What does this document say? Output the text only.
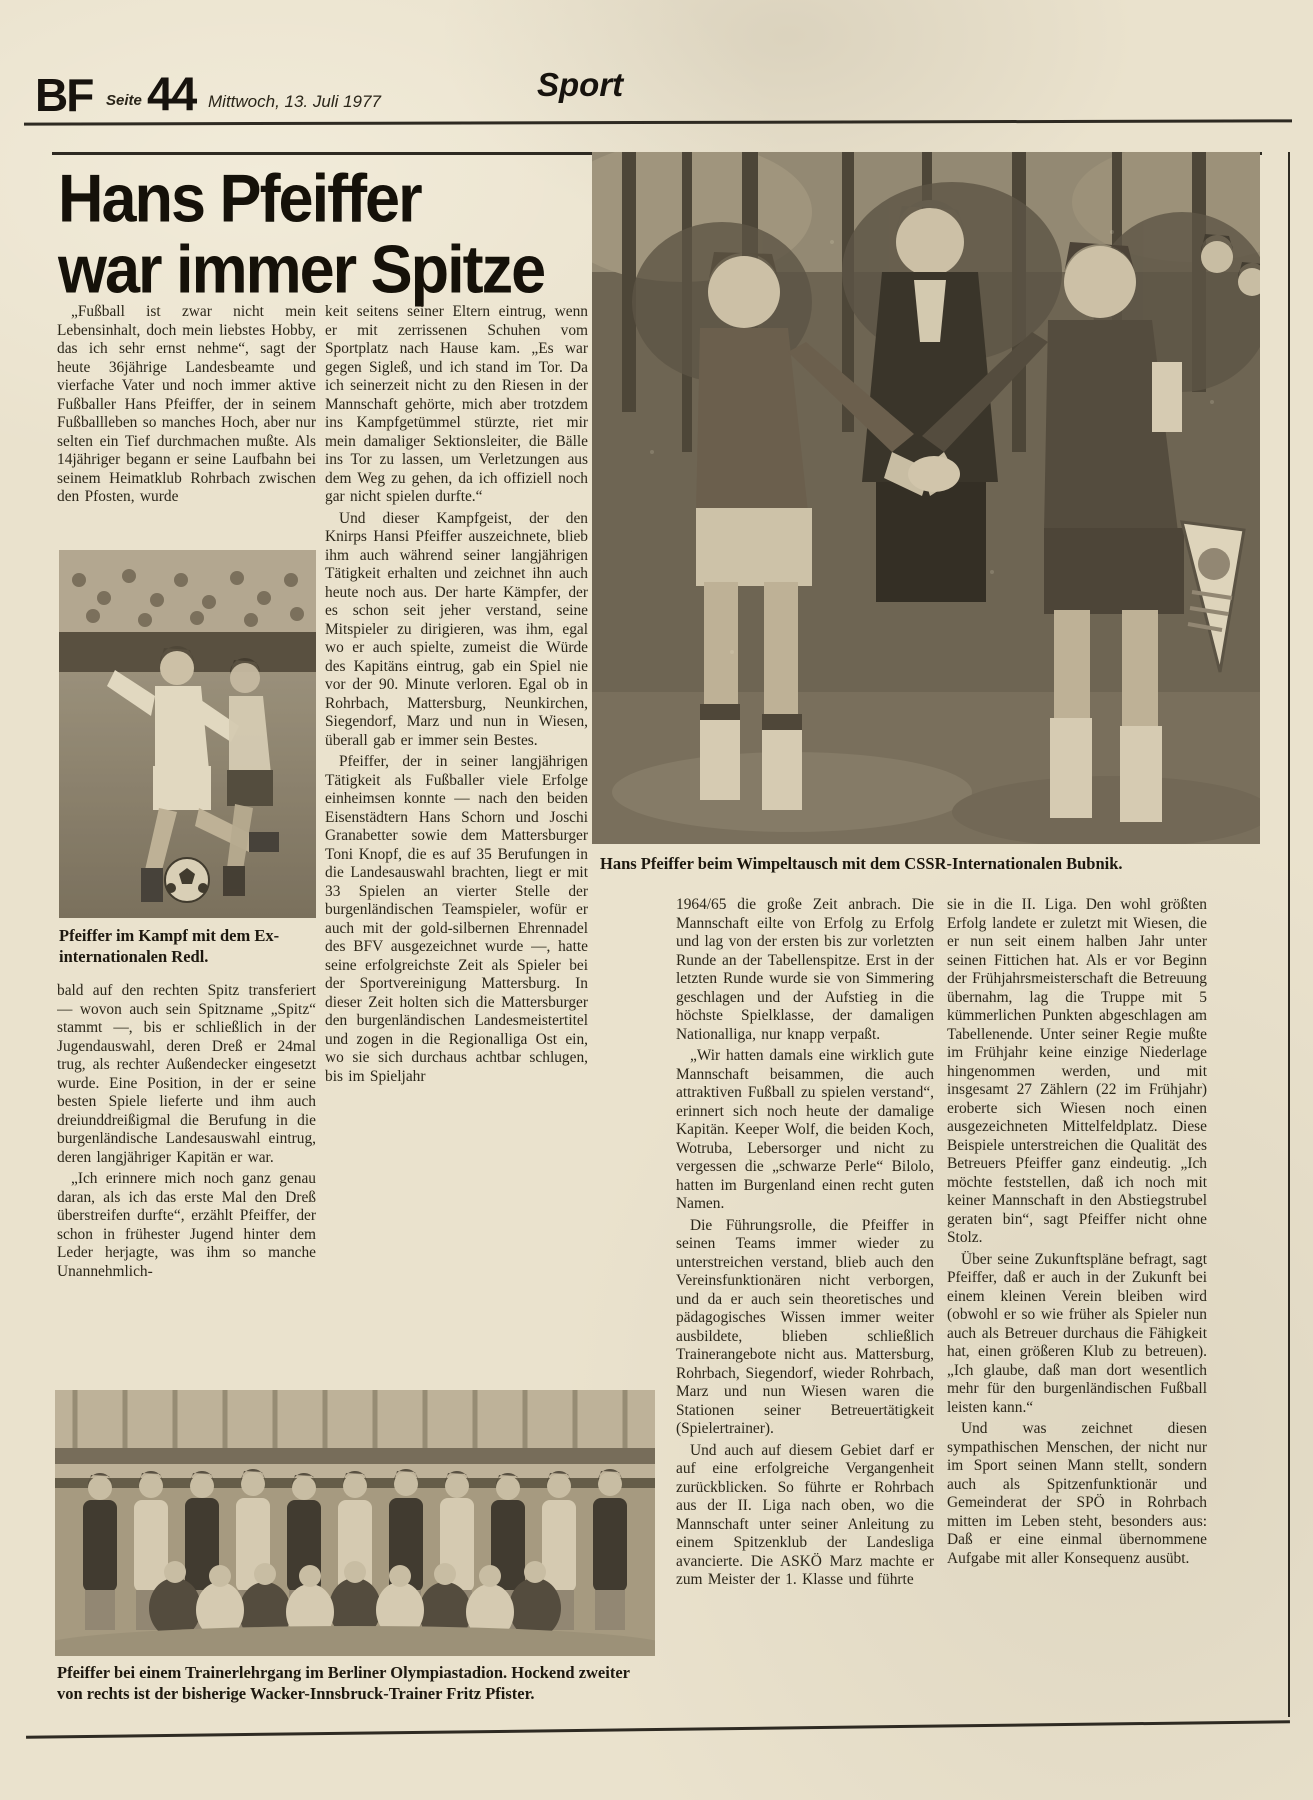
BF Seite 44 Mittwoch, 13. Juli 1977	Sport
Hans Pfeiffer
war immer Spitze
Hans Pfeiffer beim Wimpeltausch mit dem CSSR-Internationalen Bubnik.

„Fußball ist zwar nicht mein Lebensinhalt, doch mein liebstes Hobby, das ich sehr ernst nehme“, sagt der heute 36jährige Landesbeamte und vierfache Vater und noch immer aktive Fußballer Hans Pfeiffer, der in seinem Fußballleben so manches Hoch, aber nur selten ein Tief durchmachen mußte. Als 14jähriger begann er seine Laufbahn bei seinem Heimatklub Rohrbach zwischen den Pfosten, wurde

Pfeiffer im Kampf mit dem Ex-internationalen Redl.

bald auf den rechten Spitz transferiert — wovon auch sein Spitzname „Spitz“ stammt —, bis er schließlich in der Jugendauswahl, deren Dreß er 24mal trug, als rechter Außendecker eingesetzt wurde. Eine Position, in der er seine besten Spiele lieferte und ihm auch dreiunddreißigmal die Berufung in die burgenländische Landesauswahl eintrug, deren langjähriger Kapitän er war.

„Ich erinnere mich noch ganz genau daran, als ich das erste Mal den Dreß überstreifen durfte“, erzählt Pfeiffer, der schon in frühester Jugend hinter dem Leder herjagte, was ihm so manche Unannehmlich-

keit seitens seiner Eltern eintrug, wenn er mit zerrissenen Schuhen vom Sportplatz nach Hause kam. „Es war gegen Sigleß, und ich stand im Tor. Da ich seinerzeit nicht zu den Riesen in der Mannschaft gehörte, mich aber trotzdem ins Kampfgetümmel stürzte, riet mir mein damaliger Sektionsleiter, die Bälle ins Tor zu lassen, um Verletzungen aus dem Weg zu gehen, da ich offiziell noch gar nicht spielen durfte.“

Und dieser Kampfgeist, der den Knirps Hansi Pfeiffer auszeichnete, blieb ihm auch während seiner langjährigen Tätigkeit erhalten und zeichnet ihn auch heute noch aus. Der harte Kämpfer, der es schon seit jeher verstand, seine Mitspieler zu dirigieren, was ihm, egal wo er auch spielte, zumeist die Würde des Kapitäns eintrug, gab ein Spiel nie vor der 90. Minute verloren. Egal ob in Rohrbach, Mattersburg, Neunkirchen, Siegendorf, Marz und nun in Wiesen, überall gab er immer sein Bestes.

Pfeiffer, der in seiner langjährigen Tätigkeit als Fußballer viele Erfolge einheimsen konnte — nach den beiden Eisenstädtern Hans Schorn und Joschi Granabetter sowie dem Mattersburger Toni Knopf, die es auf 35 Berufungen in die Landesauswahl brachten, liegt er mit 33 Spielen an vierter Stelle der burgenländischen Teamspieler, wofür er auch mit der gold-silbernen Ehrennadel des BFV ausgezeichnet wurde —, hatte seine erfolgreichste Zeit als Spieler bei der Sportvereinigung Mattersburg. In dieser Zeit holten sich die Mattersburger den burgenländischen Landesmeistertitel und zogen in die Regionalliga Ost ein, wo sie sich durchaus achtbar schlugen, bis im Spieljahr

1964/65 die große Zeit anbrach. Die Mannschaft eilte von Erfolg zu Erfolg und lag von der ersten bis zur vorletzten Runde an der Tabellenspitze. Erst in der letzten Runde wurde sie von Simmering geschlagen und der Aufstieg in die höchste Spielklasse, der damaligen Nationalliga, nur knapp verpaßt.

„Wir hatten damals eine wirklich gute Mannschaft beisammen, die auch attraktiven Fußball zu spielen verstand“, erinnert sich noch heute der damalige Kapitän. Keeper Wolf, die beiden Koch, Wotruba, Lebersorger und nicht zu vergessen die „schwarze Perle“ Bilolo, hatten im Burgenland einen recht guten Namen.

Die Führungsrolle, die Pfeiffer in seinen Teams immer wieder zu unterstreichen verstand, blieb auch den Vereinsfunktionären nicht verborgen, und da er auch sein theoretisches und pädagogisches Wissen immer weiter ausbildete, blieben schließlich Trainerangebote nicht aus. Mattersburg, Rohrbach, Siegendorf, wieder Rohrbach, Marz und nun Wiesen waren die Stationen seiner Betreuertätigkeit (Spielertrainer).

Und auch auf diesem Gebiet darf er auf eine erfolgreiche Vergangenheit zurückblicken. So führte er Rohrbach aus der II. Liga nach oben, wo die Mannschaft unter seiner Anleitung zu einem Spitzenklub der Landesliga avancierte. Die ASKÖ Marz machte er zum Meister der 1. Klasse und führte

sie in die II. Liga. Den wohl größten Erfolg landete er zuletzt mit Wiesen, die er nun seit einem halben Jahr unter seinen Fittichen hat. Als er vor Beginn der Frühjahrsmeisterschaft die Betreuung übernahm, lag die Truppe mit 5 kümmerlichen Punkten abgeschlagen am Tabellenende. Unter seiner Regie mußte im Frühjahr keine einzige Niederlage hingenommen werden, und mit insgesamt 27 Zählern (22 im Frühjahr) eroberte sich Wiesen noch einen ausgezeichneten Mittelfeldplatz. Diese Beispiele unterstreichen die Qualität des Betreuers Pfeiffer ganz eindeutig. „Ich möchte feststellen, daß ich noch mit keiner Mannschaft in den Abstiegstrubel geraten bin“, sagt Pfeiffer nicht ohne Stolz.

Über seine Zukunftspläne befragt, sagt Pfeiffer, daß er auch in der Zukunft bei einem kleinen Verein bleiben wird (obwohl er so wie früher als Spieler nun auch als Betreuer durchaus die Fähigkeit hat, einen größeren Klub zu betreuen). „Ich glaube, daß man dort wesentlich mehr für den burgenländischen Fußball leisten kann.“

Und was zeichnet diesen sympathischen Menschen, der nicht nur im Sport seinen Mann stellt, sondern auch als Spitzenfunktionär und Gemeinderat der SPÖ in Rohrbach mitten im Leben steht, besonders aus: Daß er eine einmal übernommene Aufgabe mit aller Konsequenz ausübt.

Pfeiffer bei einem Trainerlehrgang im Berliner Olympiastadion. Hockend zweiter von rechts ist der bisherige Wacker-Innsbruck-Trainer Fritz Pfister.
